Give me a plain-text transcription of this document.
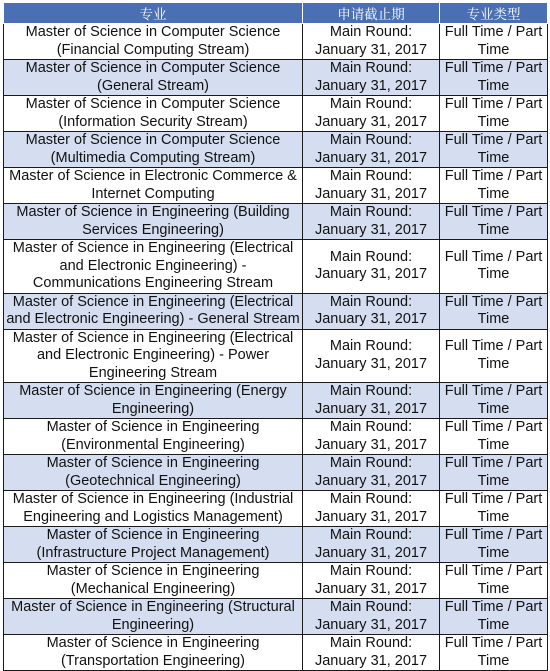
专业	申请截止期	专业类型
Master of Science in Computer Science (Financial Computing Stream)	Main Round: January 31, 2017	Full Time / Part Time
Master of Science in Computer Science (General Stream)	Main Round: January 31, 2017	Full Time / Part Time
Master of Science in Computer Science (Information Security Stream)	Main Round: January 31, 2017	Full Time / Part Time
Master of Science in Computer Science (Multimedia Computing Stream)	Main Round: January 31, 2017	Full Time / Part Time
Master of Science in Electronic Commerce & Internet Computing	Main Round: January 31, 2017	Full Time / Part Time
Master of Science in Engineering (Building Services Engineering)	Main Round: January 31, 2017	Full Time / Part Time
Master of Science in Engineering (Electrical and Electronic Engineering) - Communications Engineering Stream	Main Round: January 31, 2017	Full Time / Part Time
Master of Science in Engineering (Electrical and Electronic Engineering) - General Stream	Main Round: January 31, 2017	Full Time / Part Time
Master of Science in Engineering (Electrical and Electronic Engineering) - Power Engineering Stream	Main Round: January 31, 2017	Full Time / Part Time
Master of Science in Engineering (Energy Engineering)	Main Round: January 31, 2017	Full Time / Part Time
Master of Science in Engineering (Environmental Engineering)	Main Round: January 31, 2017	Full Time / Part Time
Master of Science in Engineering (Geotechnical Engineering)	Main Round: January 31, 2017	Full Time / Part Time
Master of Science in Engineering (Industrial Engineering and Logistics Management)	Main Round: January 31, 2017	Full Time / Part Time
Master of Science in Engineering (Infrastructure Project Management)	Main Round: January 31, 2017	Full Time / Part Time
Master of Science in Engineering (Mechanical Engineering)	Main Round: January 31, 2017	Full Time / Part Time
Master of Science in Engineering (Structural Engineering)	Main Round: January 31, 2017	Full Time / Part Time
Master of Science in Engineering (Transportation Engineering)	Main Round: January 31, 2017	Full Time / Part Time
